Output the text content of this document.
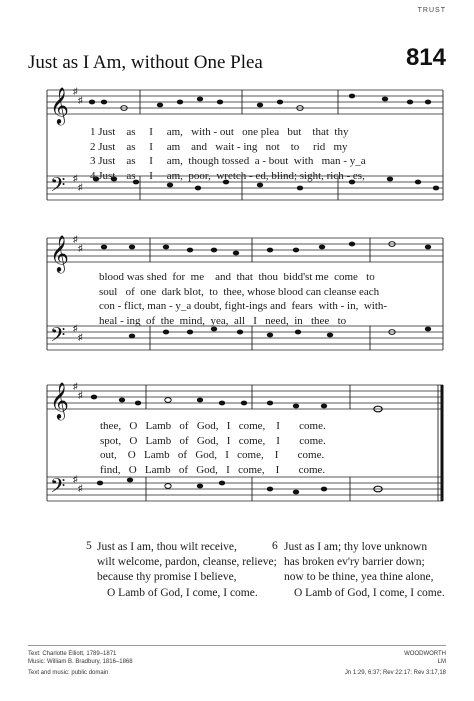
TRUST
Just as I Am, without One Plea	814
𝄞
𝄢
♯
♯
♯
♯
1 Just    as     I     am,   with - out   one plea   but    that  thy
2 Just    as     I     am    and   wait - ing   not    to     rid   my
3 Just    as     I     am,  though tossed  a - bout  with   man - y_a
4 Just    as     I     am,  poor,  wretch - ed, blind; sight, rich - es,
𝄞
𝄢
♯
♯
♯
♯
blood was shed  for  me    and  that  thou  bidd'st me  come   to
soul   of  one  dark blot,  to  thee, whose blood can cleanse each
con - flict, man - y_a doubt, fight-ings and  fears  with - in,  with-
heal - ing  of  the  mind,  yea,  all   I   need,  in   thee   to
𝄞
𝄢
♯
♯
♯
♯
thee,   O   Lamb   of   God,   I   come,    I       come.
spot,   O   Lamb   of   God,   I   come,    I       come.
out,    O   Lamb   of   God,   I   come,    I       come.
find,   O   Lamb   of   God,   I   come,    I       come.
5 Just as I am, thou wilt receive,
wilt welcome, pardon, cleanse, relieve;
because thy promise I believe,
O Lamb of God, I come, I come.
6 Just as I am; thy love unknown
has broken ev'ry barrier down;
now to be thine, yea thine alone,
O Lamb of God, I come, I come.
Text: Charlotte Elliott, 1789–1871
Music: William B. Bradbury, 1816–1868
Text and music: public domain
WOODWORTH
LM
Jn 1:29, 6:37; Rev 22:17; Rev 3:17,18
